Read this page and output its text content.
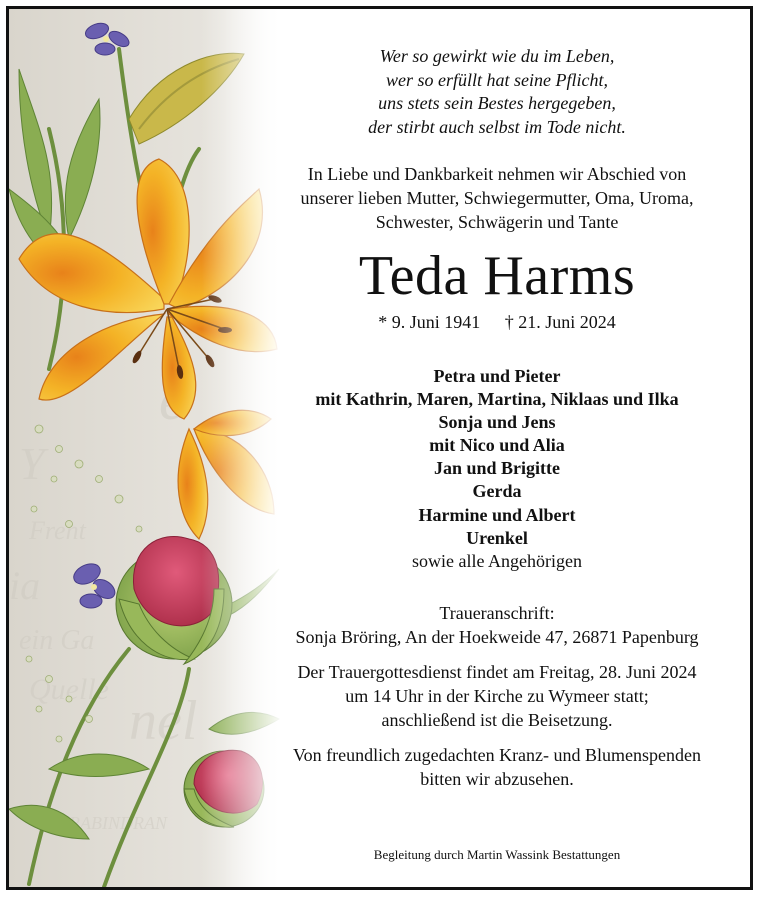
Wer so gewirkt wie du im Leben,
wer so erfüllt hat seine Pflicht,
uns stets sein Bestes hergegeben,
der stirbt auch selbst im Tode nicht.
In Liebe und Dankbarkeit nehmen wir Abschied von
unserer lieben Mutter, Schwiegermutter, Oma, Uroma,
Schwester, Schwägerin und Tante
Teda Harms
* 9. Juni 1941 † 21. Juni 2024
Petra und Pieter
mit Kathrin, Maren, Martina, Niklaas und Ilka
Sonja und Jens
mit Nico und Alia
Jan und Brigitte
Gerda
Harmine und Albert
Urenkel
sowie alle Angehörigen
Traueranschrift:
Sonja Bröring, An der Hoekweide 47, 26871 Papenburg
Der Trauergottesdienst findet am Freitag, 28. Juni 2024
um 14 Uhr in der Kirche zu Wymeer statt;
anschließend ist die Beisetzung.
Von freundlich zugedachten Kranz- und Blumenspenden
bitten wir abzusehen.
Begleitung durch Martin Wassink Bestattungen
